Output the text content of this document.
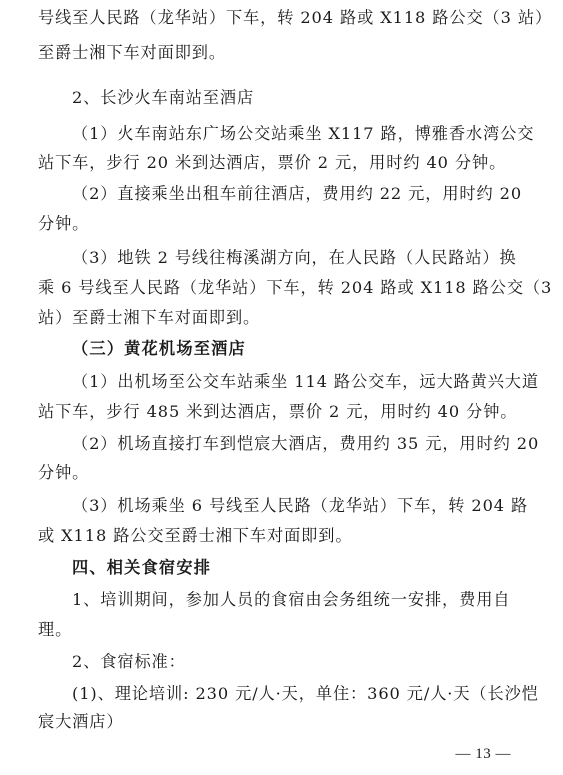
号线至人民路（龙华站）下车，转 204 路或 X118 路公交（3 站）

至爵士湘下车对面即到。

2、长沙火车南站至酒店

（1）火车南站东广场公交站乘坐 X117 路，博雅香水湾公交

站下车，步行 20 米到达酒店，票价 2 元，用时约 40 分钟。

（2）直接乘坐出租车前往酒店，费用约 22 元，用时约 20

分钟。

（3）地铁 2 号线往梅溪湖方向，在人民路（人民路站）换

乘 6 号线至人民路（龙华站）下车，转 204 路或 X118 路公交（3

站）至爵士湘下车对面即到。

（三）黄花机场至酒店

（1）出机场至公交车站乘坐 114 路公交车，远大路黄兴大道

站下车，步行 485 米到达酒店，票价 2 元，用时约 40 分钟。

（2）机场直接打车到恺宸大酒店，费用约 35 元，用时约 20

分钟。

（3）机场乘坐 6 号线至人民路（龙华站）下车，转 204 路

或 X118 路公交至爵士湘下车对面即到。

四、相关食宿安排

1、培训期间，参加人员的食宿由会务组统一安排，费用自

理。

2、食宿标准：

(1)、理论培训: 230 元/人·天，单住：360 元/人·天（长沙恺

宸大酒店）

— 13 —
